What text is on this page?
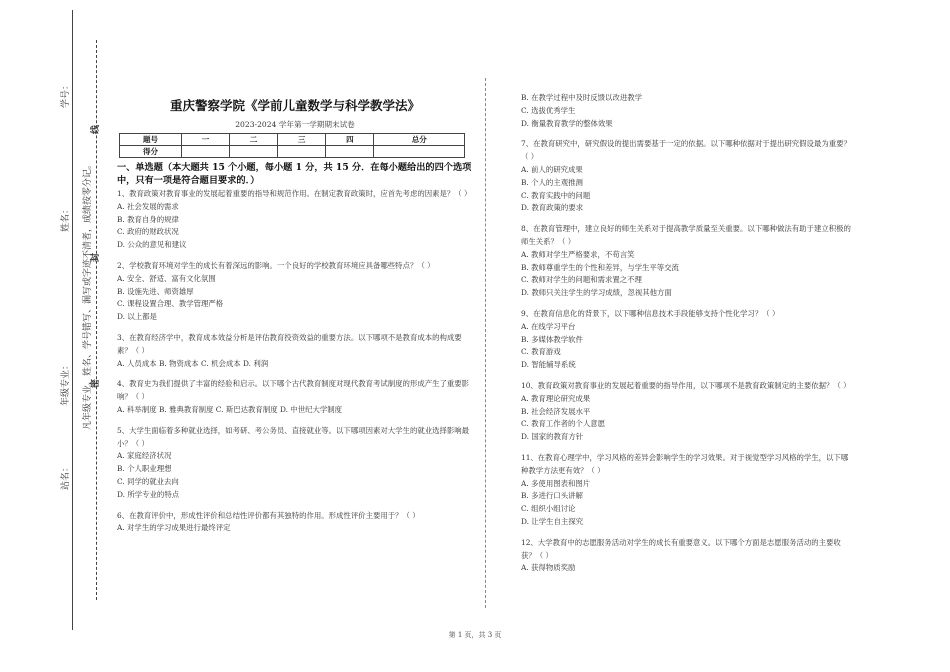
学号：
姓名：
年级专业：
站名：
凡年级专业、姓名、学号错写、漏写或字迹不清者，成绩按零分记。
线
封
密
重庆警察学院《学前儿童数学与科学教学法》
2023-2024 学年第一学期期末试卷
题号	一	二	三	四	总分
得分					
一、单选题（本大题共 15 个小题，每小题 1 分，共 15 分．在每小题给出的四个选项中，只有一项是符合题目要求的．）
1、教育政策对教育事业的发展起着重要的指导和规范作用。在制定教育政策时，应首先考虑的因素是？（ ）
A. 社会发展的需求
B. 教育自身的规律
C. 政府的财政状况
D. 公众的意见和建议
2、学校教育环境对学生的成长有着深远的影响。一个良好的学校教育环境应具备哪些特点？（ ）
A. 安全、舒适、富有文化氛围
B. 设施先进、师资雄厚
C. 课程设置合理、教学管理严格
D. 以上都是
3、在教育经济学中，教育成本效益分析是评估教育投资效益的重要方法。以下哪项不是教育成本的构成要素？（ ）
A. 人员成本 B. 物资成本 C. 机会成本 D. 利润
4、教育史为我们提供了丰富的经验和启示。以下哪个古代教育制度对现代教育考试制度的形成产生了重要影响？（ ）
A. 科举制度 B. 雅典教育制度 C. 斯巴达教育制度 D. 中世纪大学制度
5、大学生面临着多种就业选择，如考研、考公务员、直接就业等。以下哪项因素对大学生的就业选择影响最小？（ ）
A. 家庭经济状况
B. 个人职业理想
C. 同学的就业去向
D. 所学专业的特点
6、在教育评价中，形成性评价和总结性评价都有其独特的作用。形成性评价主要用于？（ ）
A. 对学生的学习成果进行最终评定
B. 在教学过程中及时反馈以改进教学
C. 选拔优秀学生
D. 衡量教育教学的整体效果
7、在教育研究中，研究假设的提出需要基于一定的依据。以下哪种依据对于提出研究假设最为重要？（ ）
A. 前人的研究成果
B. 个人的主观推测
C. 教育实践中的问题
D. 教育政策的要求
8、在教育管理中，建立良好的师生关系对于提高教学质量至关重要。以下哪种做法有助于建立积极的师生关系？（ ）
A. 教师对学生严格要求，不苟言笑
B. 教师尊重学生的个性和差异，与学生平等交流
C. 教师对学生的问题和需求置之不理
D. 教师只关注学生的学习成绩，忽视其他方面
9、在教育信息化的背景下，以下哪种信息技术手段能够支持个性化学习？（ ）
A. 在线学习平台
B. 多媒体教学软件
C. 教育游戏
D. 智能辅导系统
10、教育政策对教育事业的发展起着重要的指导作用，以下哪项不是教育政策制定的主要依据？（ ）
A. 教育理论研究成果
B. 社会经济发展水平
C. 教育工作者的个人意愿
D. 国家的教育方针
11、在教育心理学中，学习风格的差异会影响学生的学习效果。对于视觉型学习风格的学生，以下哪种教学方法更有效？（ ）
A. 多使用图表和图片
B. 多进行口头讲解
C. 组织小组讨论
D. 让学生自主探究
12、大学教育中的志愿服务活动对学生的成长有重要意义。以下哪个方面是志愿服务活动的主要收获？（ ）
A. 获得物质奖励
第 1 页，共 3 页
